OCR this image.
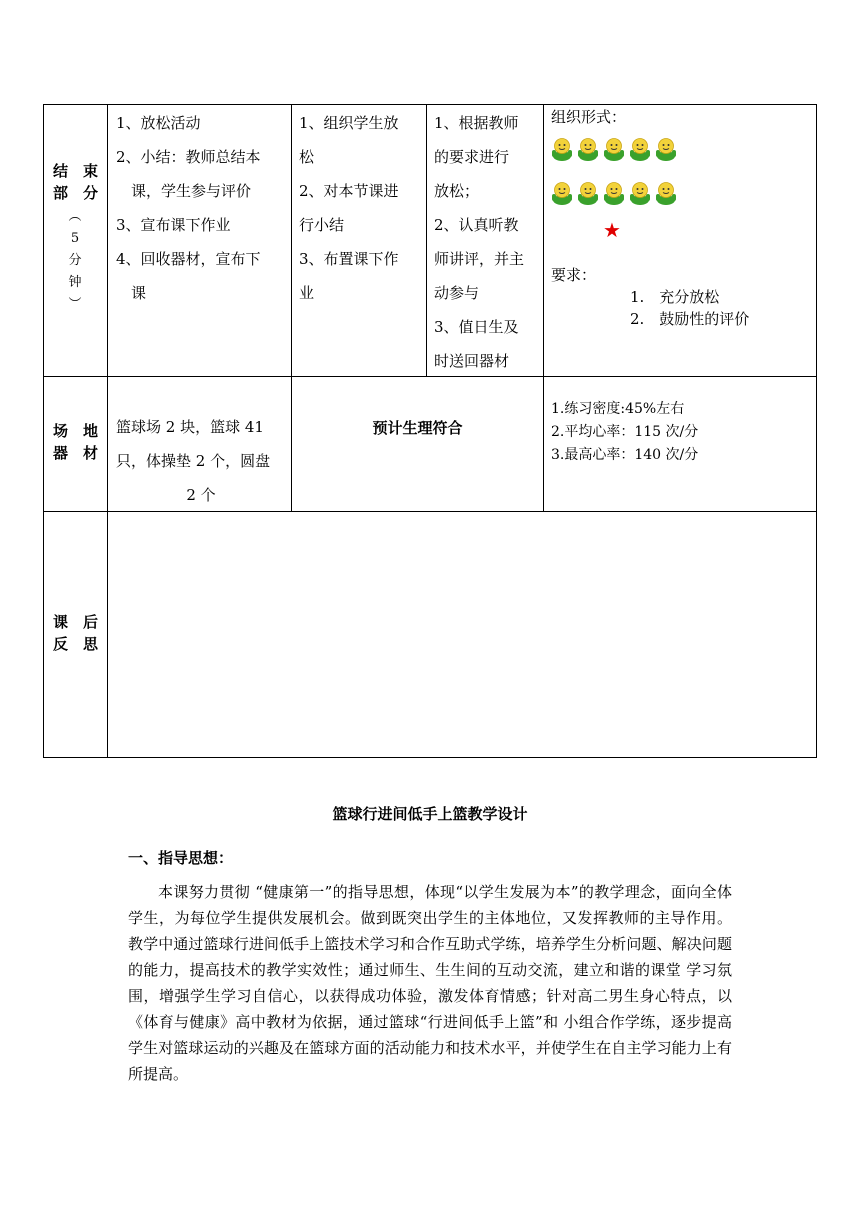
结　束
部　分
︵
5
分
钟
︶
1、放松活动
2、小结：教师总结本
　课，学生参与评价
3、宣布课下作业
4、回收器材，宣布下
　课
1、组织学生放
松
2、对本节课进
行小结
3、布置课下作
业
1、根据教师
的要求进行
放松；
2、认真听教
师讲评，并主
动参与
3、值日生及
时送回器材
组织形式：
★
要求：
1.　充分放松
2.　鼓励性的评价
场　地
器　材
篮球场 2 块，篮球 41
只，体操垫 2 个，圆盘
2 个
预计生理符合
1.练习密度:45%左右
2.平均心率：115 次/分
3.最高心率：140 次/分
课　后
反　思
篮球行进间低手上篮教学设计
一、指导思想：
本课努力贯彻 “健康第一”的指导思想，体现“以学生发展为本”的教学理念，面向全体学生，为每位学生提供发展机会。做到既突出学生的主体地位，又发挥教师的主导作用。 教学中通过篮球行进间低手上篮技术学习和合作互助式学练，培养学生分析问题、解决问题的能力，提高技术的教学实效性；通过师生、生生间的互动交流，建立和谐的课堂 学习氛围，增强学生学习自信心，以获得成功体验，激发体育情感；针对高二男生身心特点，以《体育与健康》高中教材为依据，通过篮球“行进间低手上篮”和 小组合作学练，逐步提高学生对篮球运动的兴趣及在篮球方面的活动能力和技术水平，并使学生在自主学习能力上有所提高。
